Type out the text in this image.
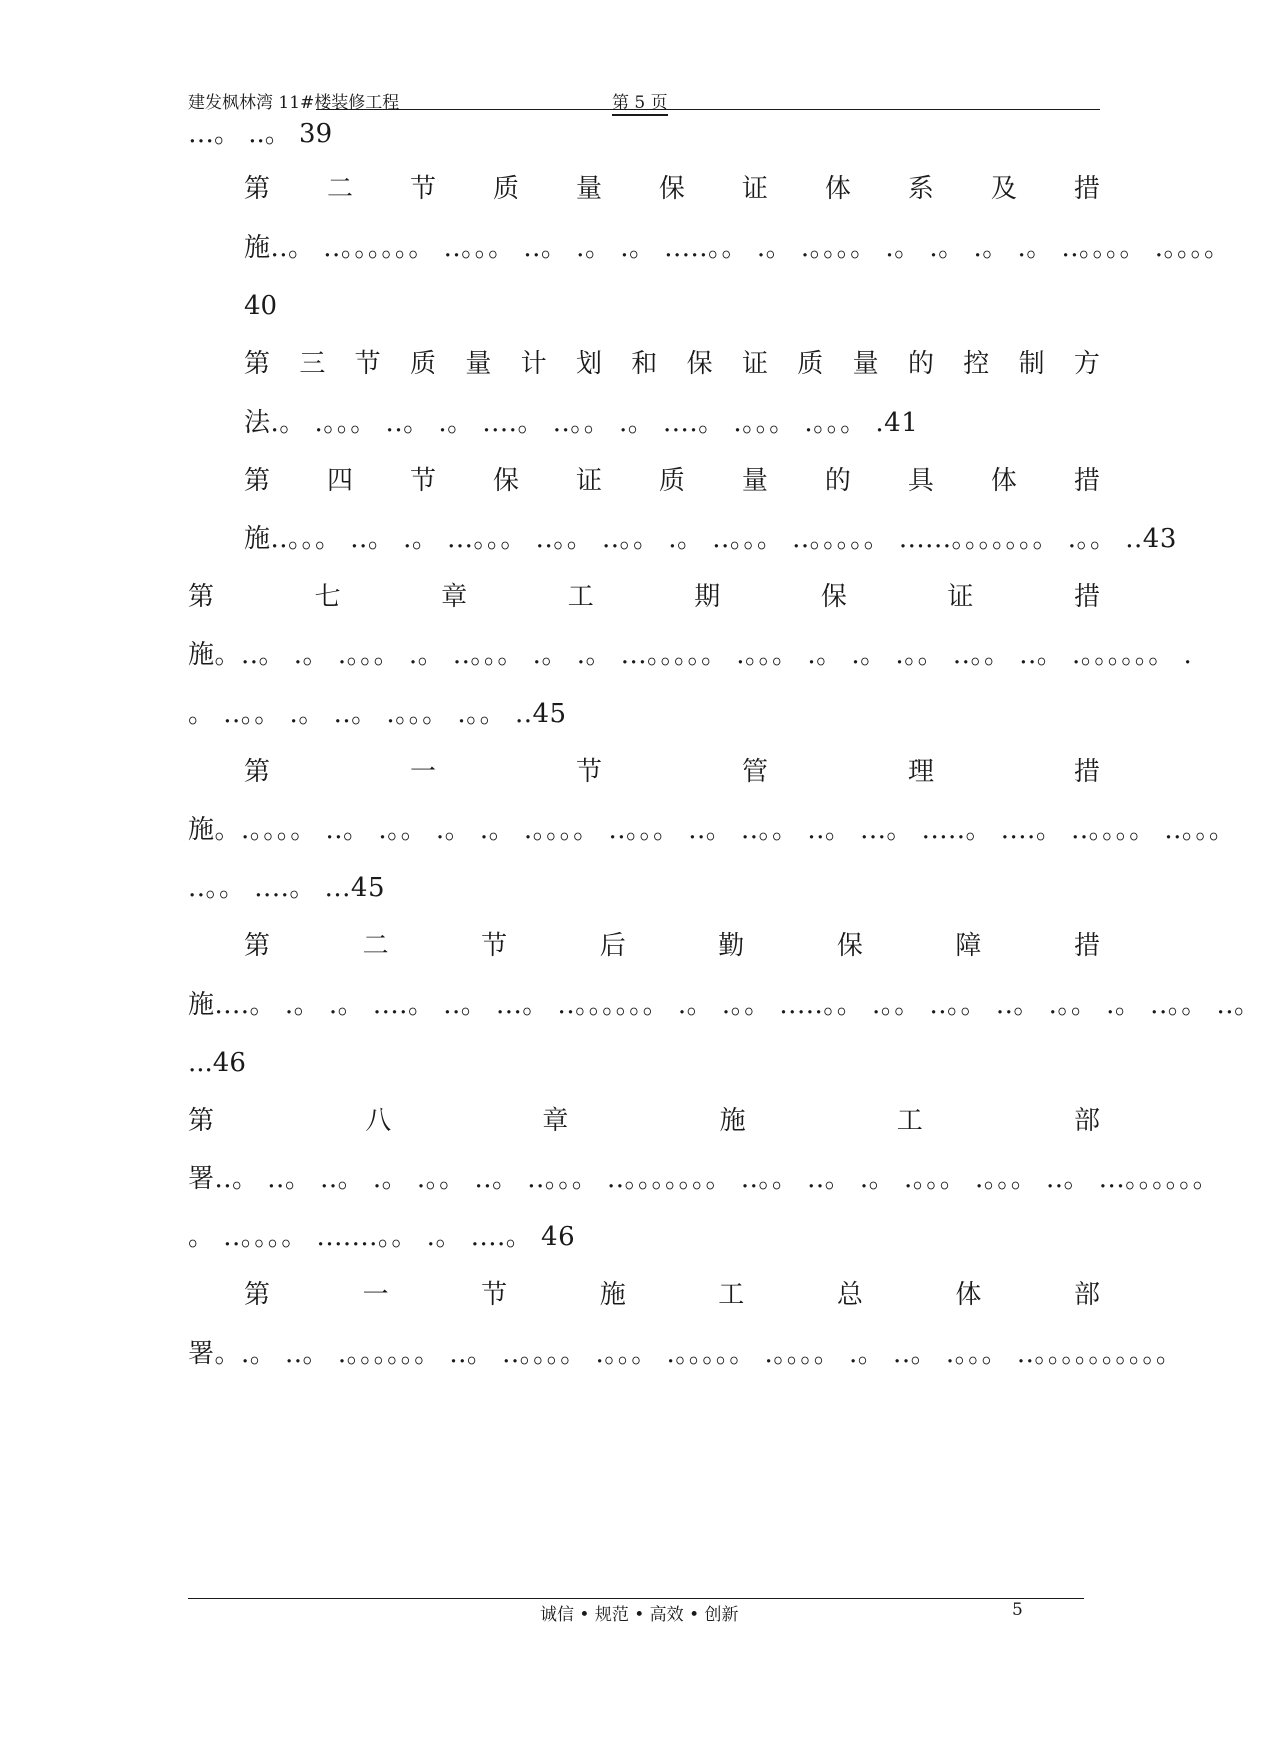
建发枫林湾 11#楼装修工程	第 5 页
…。 ..。 39
第 二 节 质 量 保 证 体 系 及 措
施..。 ..。。。。。。 ..。。。 ..。 .。 .。 .....。。 .。 .。。。。 .。 .。 .。 .。 ..。。。。 .。。。。
40
第 三 节 质 量 计 划 和 保 证 质 量 的 控 制 方
法.。 .。。。 ..。 .。 ....。 ..。。 .。 ....。 .。。。 .。。。 .41
第 四 节 保 证 质 量 的 具 体 措
施..。。。 ..。 .。 ...。。。 ..。。 ..。。 .。 ..。。。 ..。。。。。 ......。。。。。。。 .。。 ..43
第	七	章	工	期	保	证	措
施。..。 .。 .。。。 .。 ..。。。 .。 .。 ...。。。。。 .。。。 .。 .。 .。。 ..。。 ..。 .。。。。。。 .
。 ..。。 .。 ..。 .。。。 .。。 ..45
第	一	节	管	理	措
施。.。。。。 ..。 .。。 .。 .。 .。。。。 ..。。。 ..。 ..。。 ..。 ...。 .....。 ....。 ..。。。。 ..。。。
..。。 ....。 ...45
第	二	节	后	勤	保	障	措
施....。 .。 .。 ....。 ..。 ...。 ..。。。。。。 .。 .。。 .....。。 .。。 ..。。 ..。 .。。 .。 ..。。 ..。
...46
第	八	章	施	工	部
署..。 ..。 ..。 .。 .。。 ..。 ..。。。 ..。。。。。。。 ..。。 ..。 .。 .。。。 .。。。 ..。 ...。。。。。。
。 ..。。。。 .......。。 .。 ....。 46
第	一	节	施	工	总	体	部
署。.。 ..。 .。。。。。。 ..。 ..。。。。 .。。。 .。。。。。 .。。。。 .。 ..。 .。。。 ..。。。。。。。。。。
诚信 • 规范 • 高效 • 创新	5
